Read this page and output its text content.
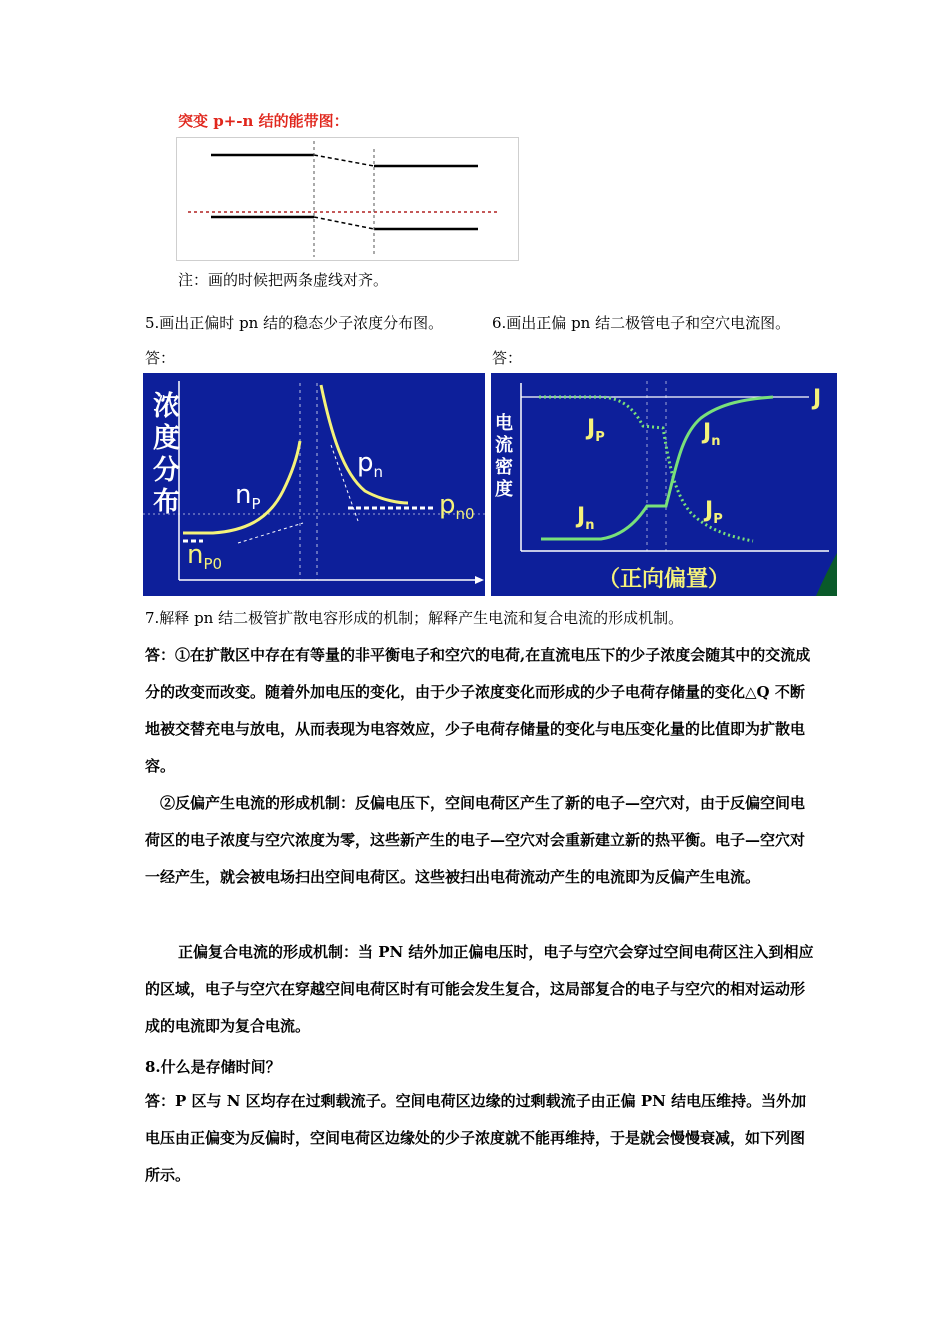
突变 p+-n 结的能带图：
注：画的时候把两条虚线对齐。
5.画出正偏时 pn 结的稳态少子浓度分布图。	6.画出正偏 pn 结二极管电子和空穴电流图。
答：	答：
浓
度
分
布 $n_P$
$p_n$
$p_{n0}$
$n_{P0}$
电
流
密
度
J
$J_P$	$J_n$
$J_n$
$J_P$
（正向偏置）
7.解释 pn 结二极管扩散电容形成的机制；解释产生电流和复合电流的形成机制。
答：①在扩散区中存在有等量的非平衡电子和空穴的电荷,在直流电压下的少子浓度会随其中的交流成分的改变而改变。随着外加电压的变化，由于少子浓度变化而形成的少子电荷存储量的变化△Q 不断地被交替充电与放电，从而表现为电容效应，少子电荷存储量的变化与电压变化量的比值即为扩散电容。
②反偏产生电流的形成机制：反偏电压下，空间电荷区产生了新的电子—空穴对，由于反偏空间电荷区的电子浓度与空穴浓度为零，这些新产生的电子—空穴对会重新建立新的热平衡。电子—空穴对一经产生，就会被电场扫出空间电荷区。这些被扫出电荷流动产生的电流即为反偏产生电流。
正偏复合电流的形成机制：当 PN 结外加正偏电压时，电子与空穴会穿过空间电荷区注入到相应的区域，电子与空穴在穿越空间电荷区时有可能会发生复合，这局部复合的电子与空穴的相对运动形成的电流即为复合电流。
8.什么是存储时间？
答：P 区与 N 区均存在过剩载流子。空间电荷区边缘的过剩载流子由正偏 PN 结电压维持。当外加电压由正偏变为反偏时，空间电荷区边缘处的少子浓度就不能再维持，于是就会慢慢衰减，如下列图所示。
